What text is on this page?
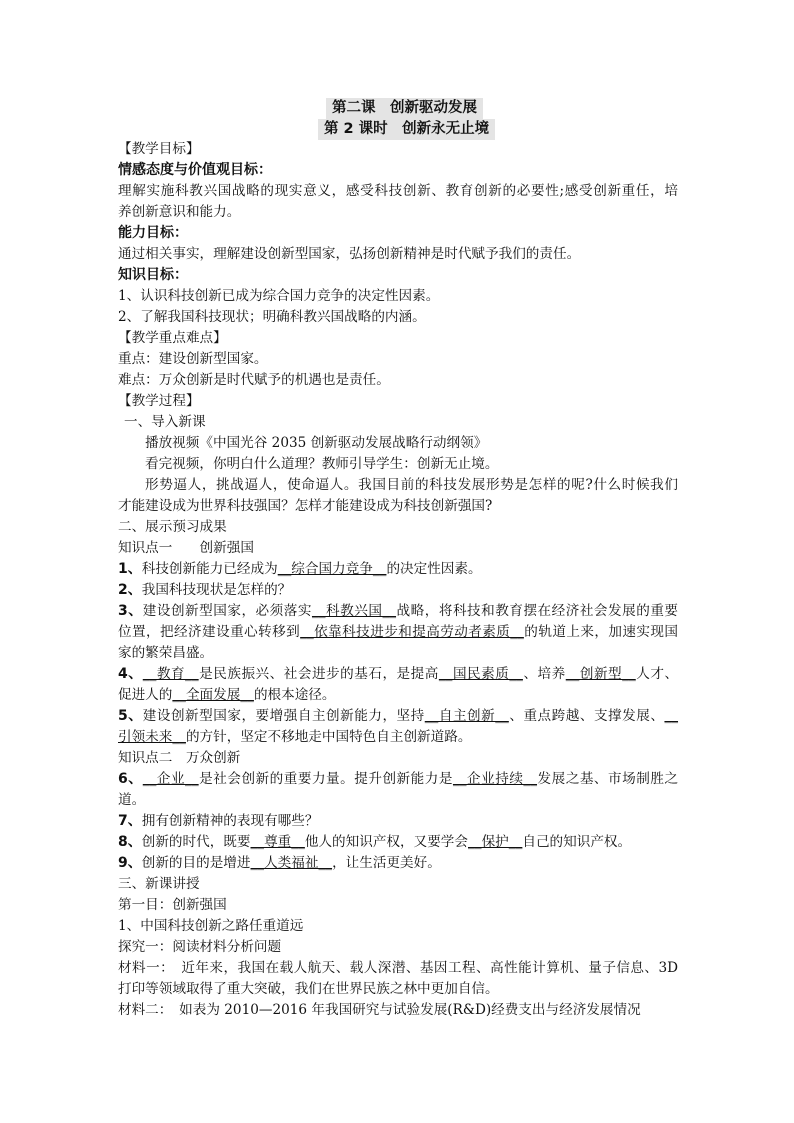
第二课　创新驱动发展
第 2 课时　创新永无止境
【教学目标】
情感态度与价值观目标：
理解实施科教兴国战略的现实意义，感受科技创新、教育创新的必要性;感受创新重任，培
养创新意识和能力。
能力目标：
通过相关事实，理解建设创新型国家，弘扬创新精神是时代赋予我们的责任。
知识目标：
1、认识科技创新已成为综合国力竞争的决定性因素。
2、了解我国科技现状；明确科教兴国战略的内涵。
【教学重点难点】
重点：建设创新型国家。
难点：万众创新是时代赋予的机遇也是责任。
【教学过程】
一、导入新课
播放视频《中国光谷 2035 创新驱动发展战略行动纲领》
看完视频，你明白什么道理？教师引导学生：创新无止境。
形势逼人，挑战逼人，使命逼人。我国目前的科技发展形势是怎样的呢?什么时候我们
才能建设成为世界科技强国？怎样才能建设成为科技创新强国?
二、展示预习成果
知识点一　　创新强国
1、科技创新能力已经成为__综合国力竞争__的决定性因素。
2、我国科技现状是怎样的？
3、建设创新型国家，必须落实__科教兴国__战略，将科技和教育摆在经济社会发展的重要
位置，把经济建设重心转移到__依靠科技进步和提高劳动者素质__的轨道上来，加速实现国
家的繁荣昌盛。
4、__教育__是民族振兴、社会进步的基石，是提高__国民素质__、培养__创新型__人才、
促进人的__全面发展__的根本途径。
5、建设创新型国家，要增强自主创新能力，坚持__自主创新__、重点跨越、支撑发展、__
引领未来__的方针，坚定不移地走中国特色自主创新道路。
知识点二　万众创新
6、__企业__是社会创新的重要力量。提升创新能力是__企业持续__发展之基、市场制胜之
道。
7、拥有创新精神的表现有哪些？
8、创新的时代，既要__尊重__他人的知识产权，又要学会__保护__自己的知识产权。
9、创新的目的是增进__人类福祉__，让生活更美好。
三、新课讲授
第一目：创新强国
1、中国科技创新之路任重道远
探究一：阅读材料分析问题
材料一：　近年来，我国在载人航天、载人深潜、基因工程、高性能计算机、量子信息、3D
打印等领域取得了重大突破，我们在世界民族之林中更加自信。
材料二：　如表为 2010—2016 年我国研究与试验发展(R&D)经费支出与经济发展情况
